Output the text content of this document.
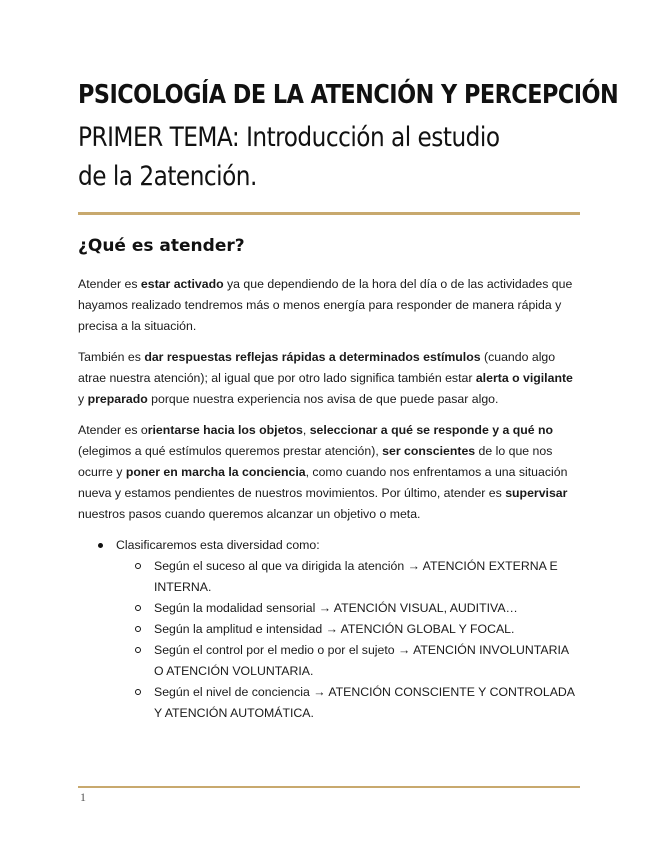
PSICOLOGÍA DE LA ATENCIÓN Y PERCEPCIÓN
PRIMER TEMA: Introducción al estudio de la 2atención.
¿Qué es atender?

Atender es estar activado ya que dependiendo de la hora del día o de las actividades que hayamos realizado tendremos más o menos energía para responder de manera rápida y precisa a la situación.

También es dar respuestas reflejas rápidas a determinados estímulos (cuando algo atrae nuestra atención); al igual que por otro lado significa también estar alerta o vigilante y preparado porque nuestra experiencia nos avisa de que puede pasar algo.

Atender es orientarse hacia los objetos, seleccionar a qué se responde y a qué no (elegimos a qué estímulos queremos prestar atención), ser conscientes de lo que nos ocurre y poner en marcha la conciencia, como cuando nos enfrentamos a una situación nueva y estamos pendientes de nuestros movimientos. Por último, atender es supervisar nuestros pasos cuando queremos alcanzar un objetivo o meta.

Clasificaremos esta diversidad como:
Según el suceso al que va dirigida la atención → ATENCIÓN EXTERNA E INTERNA.
Según la modalidad sensorial → ATENCIÓN VISUAL, AUDITIVA…
Según la amplitud e intensidad → ATENCIÓN GLOBAL Y FOCAL.
Según el control por el medio o por el sujeto → ATENCIÓN INVOLUNTARIA O ATENCIÓN VOLUNTARIA.
Según el nivel de conciencia → ATENCIÓN CONSCIENTE Y CONTROLADA Y ATENCIÓN AUTOMÁTICA.
1
